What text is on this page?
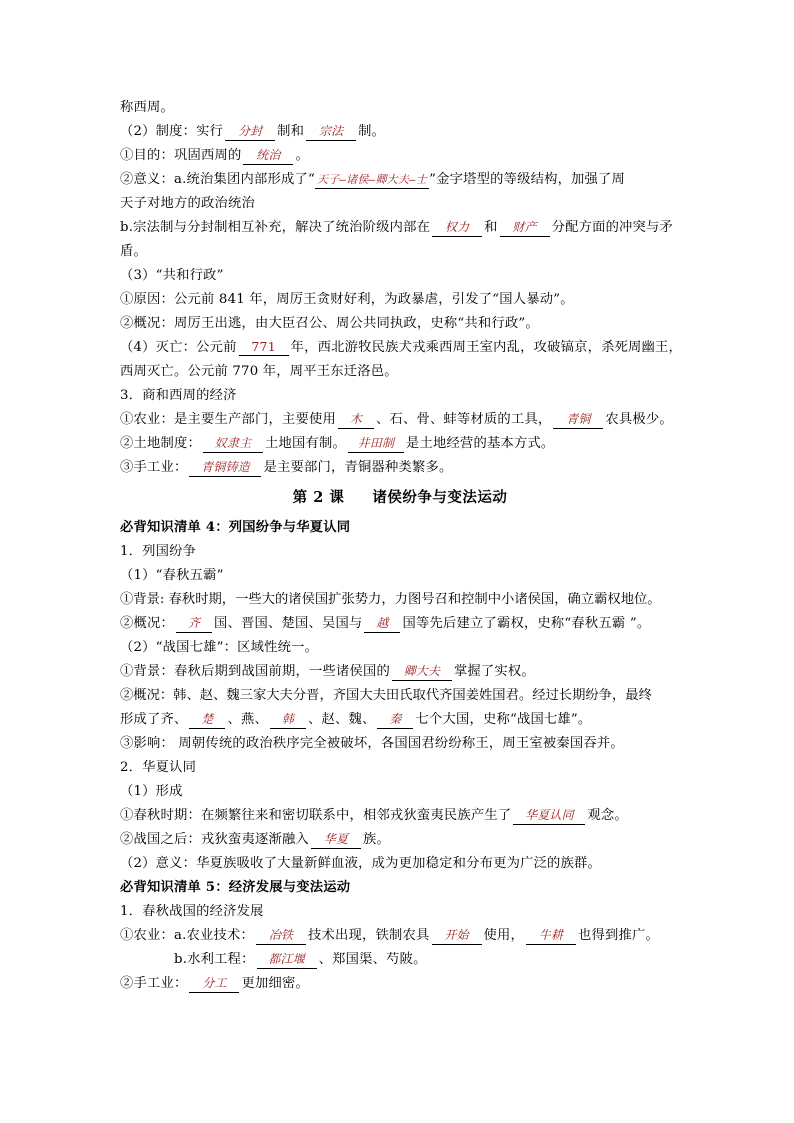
称西周。
（2）制度：实行 分封 制和 宗法 制。
①目的：巩固西周的 统治 。
②意义：a.统治集团内部形成了“ 天子—诸侯—卿大夫—士 ”金字塔型的等级结构，加强了周
天子对地方的政治统治
b.宗法制与分封制相互补充，解决了统治阶级内部在 权力 和 财产 分配方面的冲突与矛
盾。
（3）“共和行政”
①原因：公元前 841 年，周厉王贪财好利，为政暴虐，引发了“国人暴动”。
②概况：周厉王出逃，由大臣召公、周公共同执政，史称“共和行政”。
（4）灭亡：公元前 771 年，西北游牧民族犬戎乘西周王室内乱，攻破镐京，杀死周幽王，
西周灭亡。公元前 770 年，周平王东迁洛邑。
3．商和西周的经济
①农业：是主要生产部门，主要使用 木 、石、骨、蚌等材质的工具， 青铜 农具极少。
②土地制度： 奴隶主 土地国有制。 井田制 是土地经营的基本方式。
③手工业： 青铜铸造 是主要部门，青铜器种类繁多。
第 2 课 诸侯纷争与变法运动
必背知识清单 4：列国纷争与华夏认同
1．列国纷争
（1）“春秋五霸”
①背景: 春秋时期，一些大的诸侯国扩张势力，力图号召和控制中小诸侯国，确立霸权地位。
②概况： 齐 国、晋国、楚国、吴国与 越 国等先后建立了霸权，史称“春秋五霸 ”。
（2）“战国七雄”：区域性统一。
①背景：春秋后期到战国前期，一些诸侯国的 卿大夫 掌握了实权。
②概况：韩、赵、魏三家大夫分晋，齐国大夫田氏取代齐国姜姓国君。经过长期纷争，最终
形成了齐、 楚 、燕、 韩 、赵、魏、 秦 七个大国，史称“战国七雄”。
③影响： 周朝传统的政治秩序完全被破坏，各国国君纷纷称王，周王室被秦国吞并。
2．华夏认同
（1）形成
①春秋时期：在频繁往来和密切联系中，相邻戎狄蛮夷民族产生了 华夏认同 观念。
②战国之后：戎狄蛮夷逐渐融入 华夏 族。
（2）意义：华夏族吸收了大量新鲜血液，成为更加稳定和分布更为广泛的族群。
必背知识清单 5：经济发展与变法运动
1．春秋战国的经济发展
①农业：a.农业技术： 冶铁 技术出现，铁制农具 开始 使用， 牛耕 也得到推广。
b.水利工程： 都江堰 、郑国渠、芍陂。
②手工业： 分工 更加细密。
